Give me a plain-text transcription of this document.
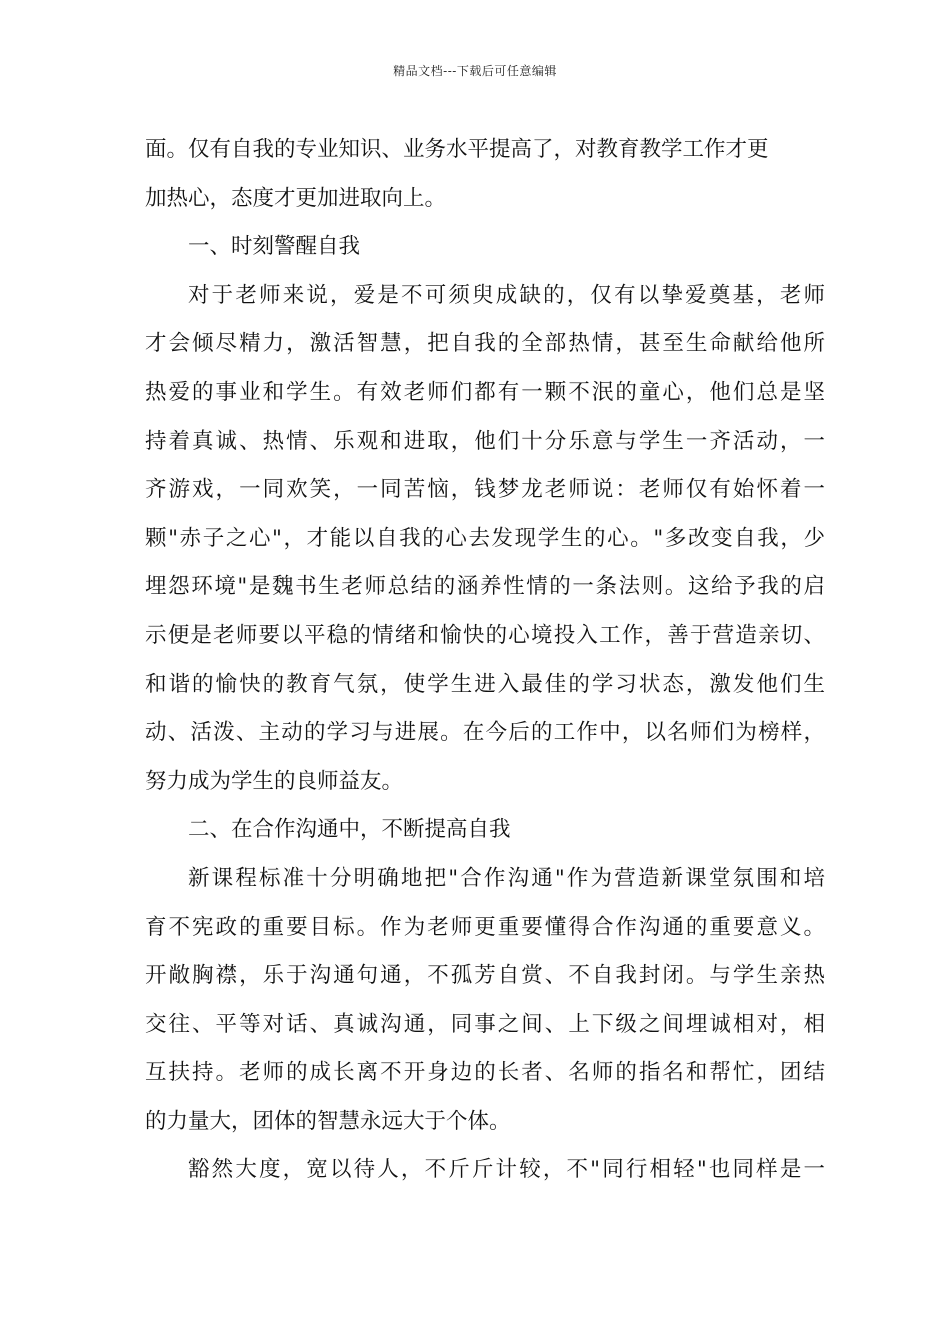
精品文档---下载后可任意编辑
面。仅有自我的专业知识、业务水平提高了，对教育教学工作才更
加热心，态度才更加进取向上。
一、时刻警醒自我
对于老师来说，爱是不可须臾成缺的，仅有以挚爱奠基，老师
才会倾尽精力，激活智慧，把自我的全部热情，甚至生命献给他所
热爱的事业和学生。有效老师们都有一颗不泯的童心，他们总是坚
持着真诚、热情、乐观和进取，他们十分乐意与学生一齐活动，一
齐游戏，一同欢笑，一同苦恼，钱梦龙老师说：老师仅有始怀着一
颗"赤子之心"，才能以自我的心去发现学生的心。"多改变自我，少
埋怨环境"是魏书生老师总结的涵养性情的一条法则。这给予我的启
示便是老师要以平稳的情绪和愉快的心境投入工作，善于营造亲切、
和谐的愉快的教育气氛，使学生进入最佳的学习状态，激发他们生
动、活泼、主动的学习与进展。在今后的工作中，以名师们为榜样，
努力成为学生的良师益友。
二、在合作沟通中，不断提高自我
新课程标准十分明确地把"合作沟通"作为营造新课堂氛围和培
育不宪政的重要目标。作为老师更重要懂得合作沟通的重要意义。
开敞胸襟，乐于沟通句通，不孤芳自赏、不自我封闭。与学生亲热
交往、平等对话、真诚沟通，同事之间、上下级之间埋诚相对，相
互扶持。老师的成长离不开身边的长者、名师的指名和帮忙，团结
的力量大，团体的智慧永远大于个体。
豁然大度，宽以待人，不斤斤计较，不"同行相轻"也同样是一
